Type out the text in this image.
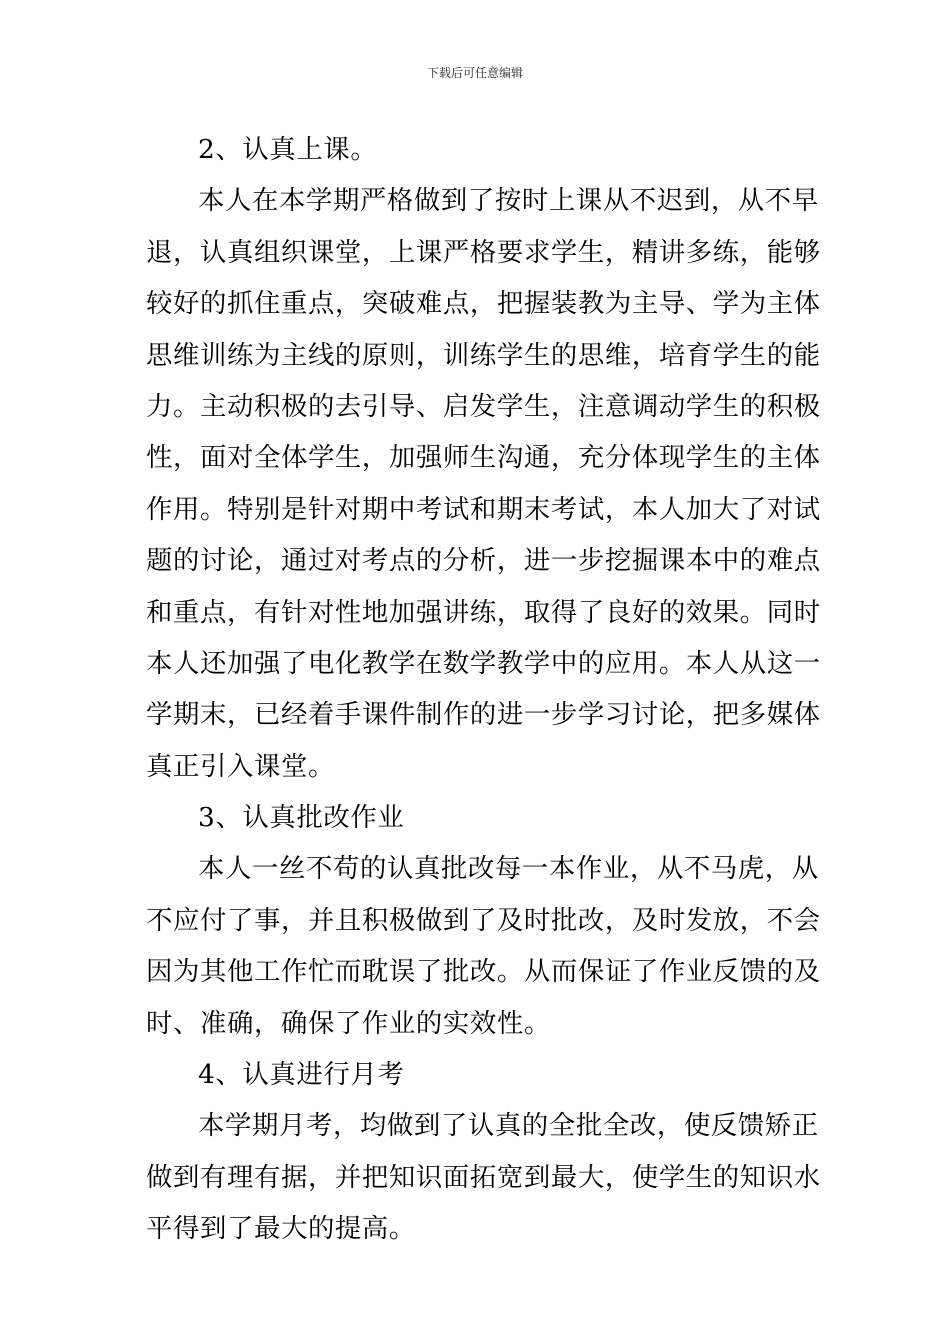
下载后可任意编辑
2、认真上课。
本人在本学期严格做到了按时上课从不迟到，从不早
退，认真组织课堂，上课严格要求学生，精讲多练，能够
较好的抓住重点，突破难点，把握装教为主导、学为主体
思维训练为主线的原则，训练学生的思维，培育学生的能
力。主动积极的去引导、启发学生，注意调动学生的积极
性，面对全体学生，加强师生沟通，充分体现学生的主体
作用。特别是针对期中考试和期末考试，本人加大了对试
题的讨论，通过对考点的分析，进一步挖掘课本中的难点
和重点，有针对性地加强讲练，取得了良好的效果。同时
本人还加强了电化教学在数学教学中的应用。本人从这一
学期末，已经着手课件制作的进一步学习讨论，把多媒体
真正引入课堂。
3、认真批改作业
本人一丝不苟的认真批改每一本作业，从不马虎，从
不应付了事，并且积极做到了及时批改，及时发放，不会
因为其他工作忙而耽误了批改。从而保证了作业反馈的及
时、准确，确保了作业的实效性。
4、认真进行月考
本学期月考，均做到了认真的全批全改，使反馈矫正
做到有理有据，并把知识面拓宽到最大，使学生的知识水
平得到了最大的提高。
